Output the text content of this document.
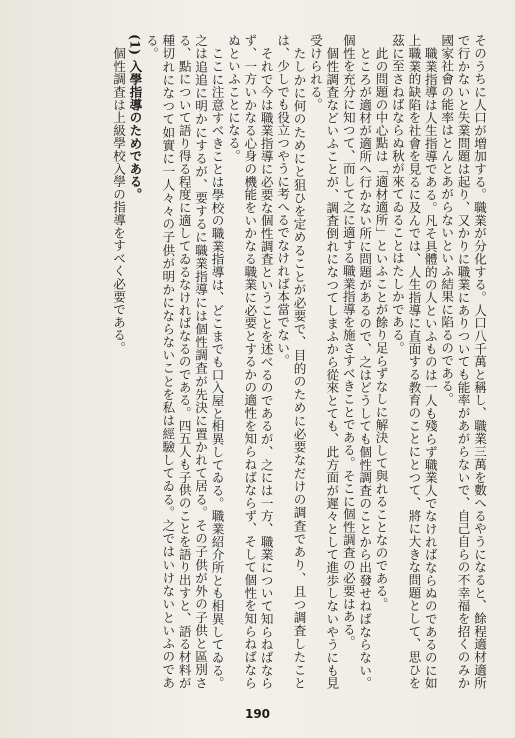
そのうちに人口が増加する。職業が分化する。人口八千萬と稱し、職業三萬を數へるやうになると、餘程適材適所で行かないと失業問題は起り、又かりに職業にありついても能率があがらないで、自己自らの不幸福を招くのみか國家社會の能率はとんとあがらないといふ結果に陷るのである。

職業指導は人生指導である。凡そ具體的の人といふものは一人も殘らず職業人でなければならぬのであるのに如上職業的缺陷を社會を見るに及んでは、人生指導に直面する教育のことにとつて、將に大きな問題として、思ひを茲に至さねばならぬ秋が來てゐることはたしかである。

此の問題の中心點は「適材適所」といふことが餘り足らずなしに解決して與れることなのである。

ところが適材が適所へ行かない所に問題があるので、之はどうしても個性調査のことから出發せねばならない。個性を充分に知つて、而して之に適する職業指導を施さすべきことである。そこに個性調査の必要はある。

個性調査などいふことが、調査倒れになつてしまふから從來とても、此方面が遲々として進歩しないやうにも見受けられる。

たしかに何のためにと狙ひを定めることが必要で、目的のために必要なだけの調査であり、且つ調査したことは、少しでも役立つやうに考へるでなければ本當でない。

それで今は職業指導に必要な個性調査ということを述べるのであるが、之には一方、職業について知らねばならず、一方いかなる心身の機能をいかなる職業に必要とするかの適性を知らねばならず、そして個性を知らねばならぬといふことになる。

ここに注意すべきことは學校の職業指導は、どこまでも口入屋と相異してゐる。職業紹介所とも相異してゐる。之は追追に明かにするが、要するに職業指導には個性調査が先決に置かれて居る。その子供が外の子供と區別さる、點について語り得る程度に適してゐるなければなるのである。四五人も子供のことを語り出すと、語る材料が種切れになつて如實に一人々々の子供が明かにならないことを私は經驗してゐる。之ではいけないといふのである。

(1) 入學指導のためである。

個性調査は上級學校入學の指導をすべく必要である。

190
